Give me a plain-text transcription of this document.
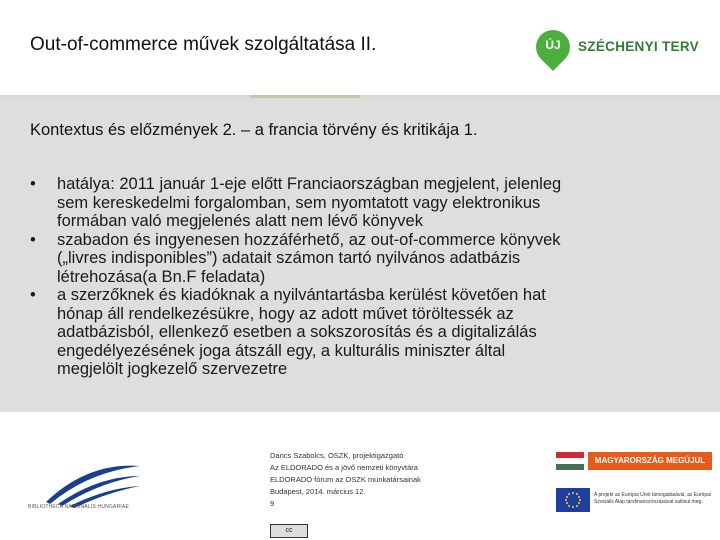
Out-of-commerce művek szolgáltatása II.	ÚJ	SZÉCHENYI TERV
Kontextus és előzmények 2. – a francia törvény és kritikája 1.
• hatálya: 2011 január 1-eje előtt Franciaországban megjelent, jelenleg
sem kereskedelmi forgalomban, sem nyomtatott vagy elektronikus
formában való megjelenés alatt nem lévő könyvek
• szabadon és ingyenesen hozzáférhető, az out-of-commerce könyvek
(„livres indisponibles”) adatait számon tartó nyilvános adatbázis
létrehozása(a Bn.F feladata)
• a szerzőknek és kiadóknak a nyilvántartásba kerülést követően hat
hónap áll rendelkezésükre, hogy az adott művet töröltessék az
adatbázisból, ellenkező esetben a sokszorosítás és a digitalizálás
engedélyezésének joga átszáll egy, a kulturális miniszter által
megjelölt jogkezelő szervezetre
BIBLIOTHECA NATIONALIS HUNGARIAE
Dancs Szabolcs, OSZK, projektigazgató
Az ELDORADO és a jövő nemzeti könyvtára
ELDORADO fórum az OSZK munkatársainak
Budapest, 2014. március 12.
9
cc
MAGYARORSZÁG MEGÚJUL
A projekt az Európai Unió támogatásával, az Európai Szociális Alap társfinanszírozásával valósul meg.
